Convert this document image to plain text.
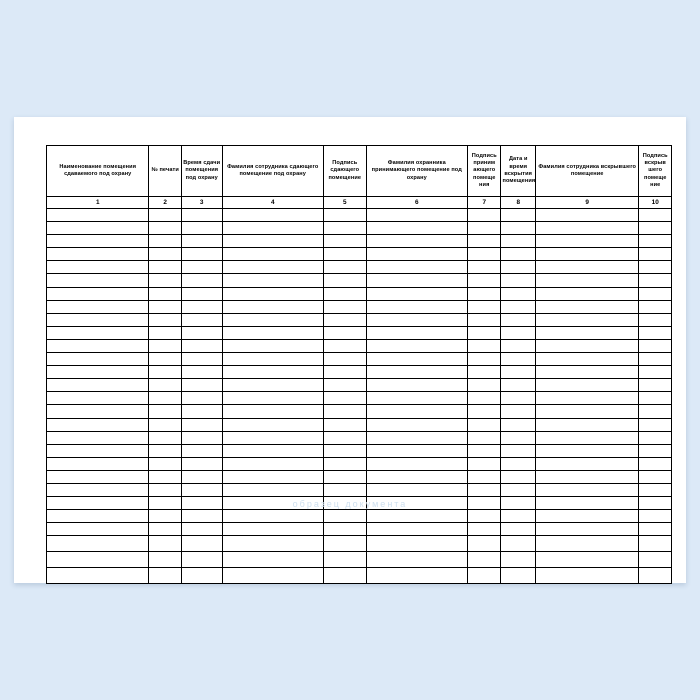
Наименование помещения сдаваемого под охрану	№ печати	Время сдачи помещения под охрану	Фамилия сотрудника сдающего помещение под охрану	Подпись сдающего помещение	Фамилия охранника принимающего помещение под охрану	Подпись приним ающего помеще ния	Дата и время вскрытия помещения	Фамилия сотрудника вскрывшего помещение	Подпись вскрыв шего помеще ние
1	2	3	4	5	6	7	8	9	10

образец документа
